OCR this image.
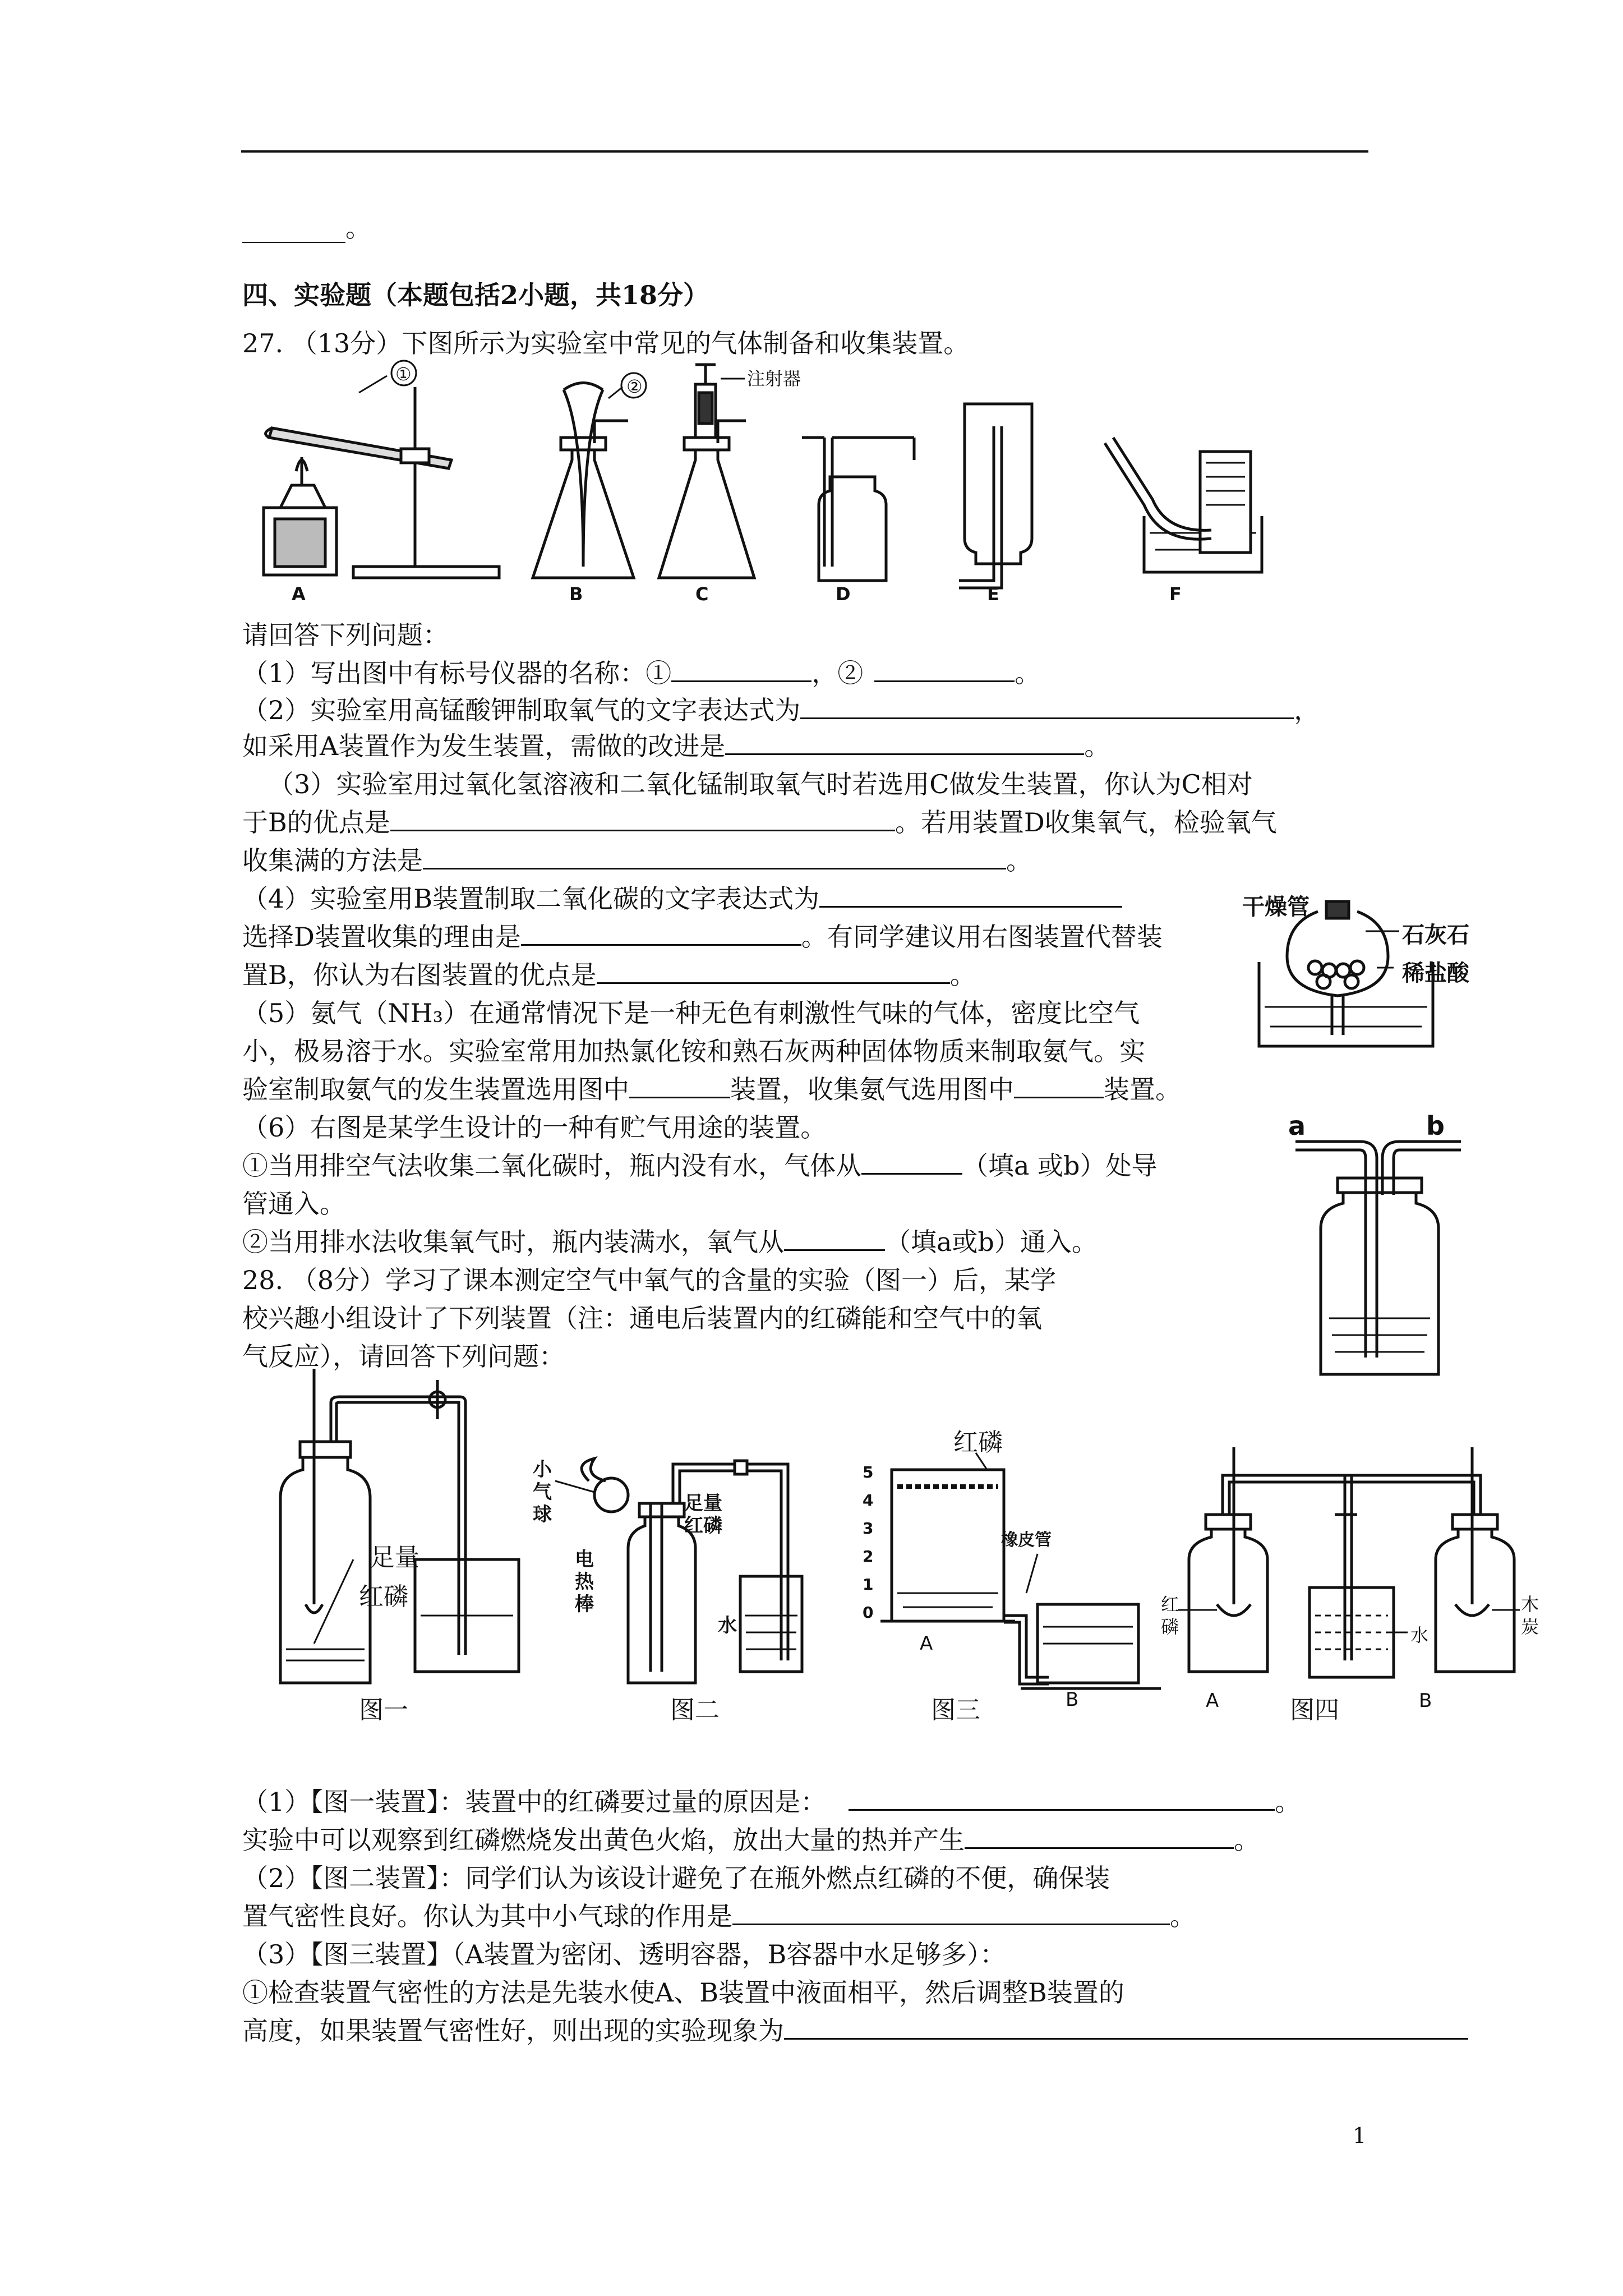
________。
四、实验题（本题包括2小题，共18分）
27. （13分）下图所示为实验室中常见的气体制备和收集装置。
①
A
②
B
注射器
C	D	E	F
请回答下列问题：
（1）写出图中有标号仪器的名称：①	，②	。
（2）实验室用高锰酸钾制取氧气的文字表达式为	，
如采用A装置作为发生装置，需做的改进是	。
（3）实验室用过氧化氢溶液和二氧化锰制取氧气时若选用C做发生装置，你认为C相对
于B的优点是	。若用装置D收集氧气，检验氧气
收集满的方法是	。
（4）实验室用B装置制取二氧化碳的文字表达式为
选择D装置收集的理由是	。有同学建议用右图装置代替装
置B，你认为右图装置的优点是	。
干燥管
石灰石
稀盐酸
（5）氨气（NH₃）在通常情况下是一种无色有刺激性气味的气体，密度比空气
小，极易溶于水。实验室常用加热氯化铵和熟石灰两种固体物质来制取氨气。实
验室制取氨气的发生装置选用图中	装置，收集氨气选用图中	装置。
（6）右图是某学生设计的一种有贮气用途的装置。
①当用排空气法收集二氧化碳时，瓶内没有水，气体从	（填a 或b）处导
管通入。
②当用排水法收集氧气时，瓶内装满水，氧气从	（填a或b）通入。
a	b
28. （8分）学习了课本测定空气中氧气的含量的实验（图一）后，某学
校兴趣小组设计了下列装置（注：通电后装置内的红磷能和空气中的氧
气反应），请回答下列问题：
足量
红磷
图一
小气球
电热棒
足量红磷
水
图二
5
4
3
2
1
0
红磷
橡皮管
A
B
图三
红磷	水
木炭
A	图四	B
（1）【图一装置】：装置中的红磷要过量的原因是：	。
实验中可以观察到红磷燃烧发出黄色火焰，放出大量的热并产生	。
（2）【图二装置】：同学们认为该设计避免了在瓶外燃点红磷的不便，确保装
置气密性良好。你认为其中小气球的作用是	。
（3）【图三装置】（A装置为密闭、透明容器，B容器中水足够多）：
①检查装置气密性的方法是先装水使A、B装置中液面相平，然后调整B装置的
高度，如果装置气密性好，则出现的实验现象为
1
